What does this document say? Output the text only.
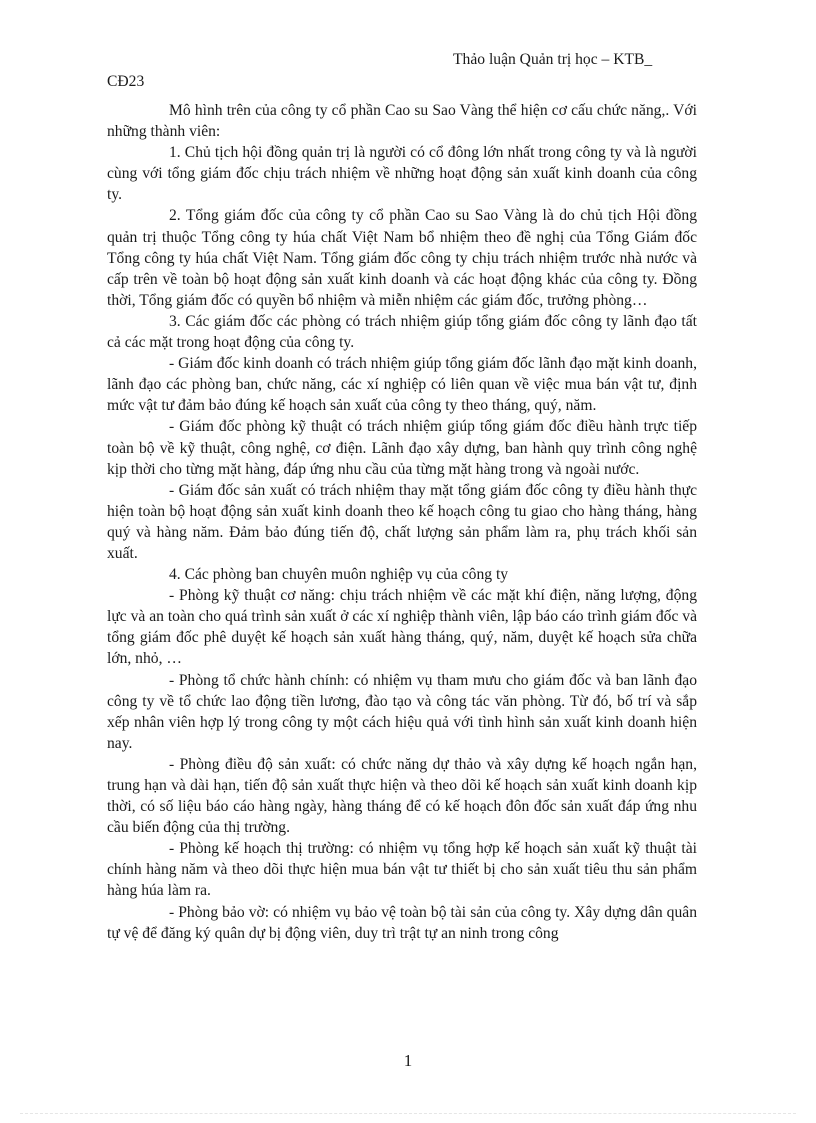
Thảo luận Quản trị học – KTB_
CĐ23

Mô hình trên của công ty cổ phần Cao su Sao Vàng thể hiện cơ cấu chức năng,. Với những thành viên:

1. Chủ tịch hội đồng quản trị là người có cổ đông lớn nhất trong công ty và là người cùng với tổng giám đốc chịu trách nhiệm về những hoạt động sản xuất kinh doanh của công ty.

2. Tổng giám đốc của công ty cổ phần Cao su Sao Vàng là do chủ tịch Hội đồng quản trị thuộc Tổng công ty húa chất Việt Nam bổ nhiệm theo đề nghị của Tổng Giám đốc Tổng công ty húa chất Việt Nam. Tổng giám đốc công ty chịu trách nhiệm trước nhà nước và cấp trên về toàn bộ hoạt động sản xuất kinh doanh và các hoạt động khác của công ty. Đồng thời, Tổng giám đốc có quyền bổ nhiệm và miễn nhiệm các giám đốc, trưởng phòng…

3. Các giám đốc các phòng có trách nhiệm giúp tổng giám đốc công ty lãnh đạo tất cả các mặt trong hoạt động của công ty.

- Giám đốc kinh doanh có trách nhiệm giúp tổng giám đốc lãnh đạo mặt kinh doanh, lãnh đạo các phòng ban, chức năng, các xí nghiệp có liên quan về việc mua bán vật tư, định mức vật tư đảm bảo đúng kế hoạch sản xuất của công ty theo tháng, quý, năm.

- Giám đốc phòng kỹ thuật có trách nhiệm giúp tổng giám đốc điều hành trực tiếp toàn bộ về kỹ thuật, công nghệ, cơ điện. Lãnh đạo xây dựng, ban hành quy trình công nghệ kịp thời cho từng mặt hàng, đáp ứng nhu cầu của từng mặt hàng trong và ngoài nước.

- Giám đốc sản xuất có trách nhiệm thay mặt tổng giám đốc công ty điều hành thực hiện toàn bộ hoạt động sản xuất kinh doanh theo kế hoạch công tu giao cho hàng tháng, hàng quý và hàng năm. Đảm bảo đúng tiến độ, chất lượng sản phẩm làm ra, phụ trách khối sản xuất.

4. Các phòng ban chuyên muôn nghiệp vụ của công ty

- Phòng kỹ thuật cơ năng: chịu trách nhiệm về các mặt khí điện, năng lượng, động lực và an toàn cho quá trình sản xuất ở các xí nghiệp thành viên, lập báo cáo trình giám đốc và tổng giám đốc phê duyệt kế hoạch sản xuất hàng tháng, quý, năm, duyệt kế hoạch sửa chữa lớn, nhỏ, …

- Phòng tổ chức hành chính: có nhiệm vụ tham mưu cho giám đốc và ban lãnh đạo công ty về tổ chức lao động tiền lương, đào tạo và công tác văn phòng. Từ đó, bố trí và sắp xếp nhân viên hợp lý trong công ty một cách hiệu quả với tình hình sản xuất kinh doanh hiện nay.

- Phòng điều độ sản xuất: có chức năng dự thảo và xây dựng kế hoạch ngắn hạn, trung hạn và dài hạn, tiến độ sản xuất thực hiện và theo dõi kế hoạch sản xuất kinh doanh kịp thời, có số liệu báo cáo hàng ngày, hàng tháng để có kế hoạch đôn đốc sản xuất đáp ứng nhu cầu biến động của thị trường.

- Phòng kế hoạch thị trường: có nhiệm vụ tổng hợp kế hoạch sản xuất kỹ thuật tài chính hàng năm và theo dõi thực hiện mua bán vật tư thiết bị cho sản xuất tiêu thu sản phẩm hàng húa làm ra.

- Phòng bảo vờ: có nhiệm vụ bảo vệ toàn bộ tài sản của công ty. Xây dựng dân quân tự vệ để đăng ký quân dự bị động viên, duy trì trật tự an ninh trong công

1
